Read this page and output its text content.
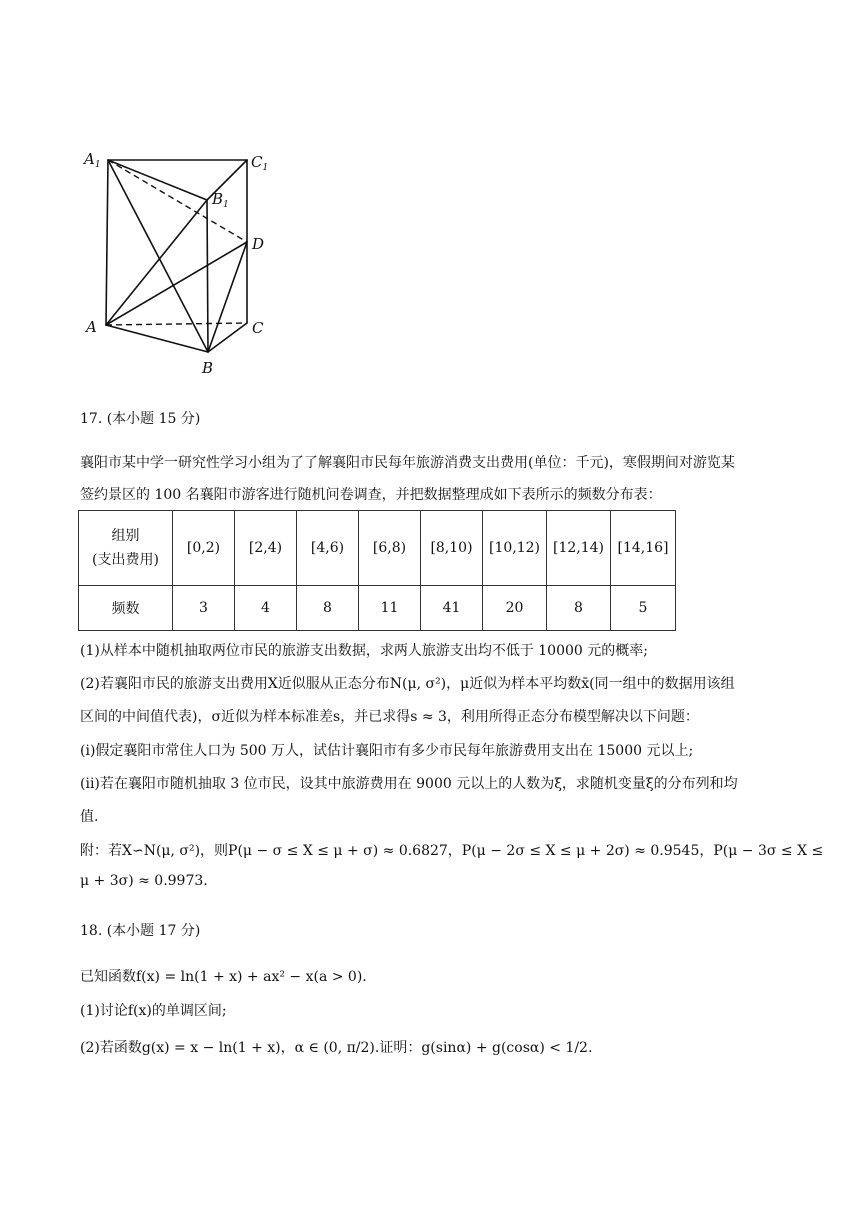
$A_1$	$C_1$
$B_1$
D
A	C
B
17. (本小题 15 分)
襄阳市某中学一研究性学习小组为了了解襄阳市民每年旅游消费支出费用(单位：千元)，寒假期间对游览某
签约景区的 100 名襄阳市游客进行随机问卷调查，并把数据整理成如下表所示的频数分布表：
组别
(支出费用)	[0,2)	[2,4)	[4,6)	[6,8)	[8,10)	[10,12)	[12,14)	[14,16]
频数	3	4	8	11	41	20	8	5
(1)从样本中随机抽取两位市民的旅游支出数据，求两人旅游支出均不低于 10000 元的概率;
(2)若襄阳市民的旅游支出费用X近似服从正态分布N(μ, σ²)，μ近似为样本平均数x̄(同一组中的数据用该组
区间的中间值代表)，σ近似为样本标准差s，并已求得s ≈ 3，利用所得正态分布模型解决以下问题：
(i)假定襄阳市常住人口为 500 万人，试估计襄阳市有多少市民每年旅游费用支出在 15000 元以上;
(ii)若在襄阳市随机抽取 3 位市民，设其中旅游费用在 9000 元以上的人数为ξ，求随机变量ξ的分布列和均
值.
附：若X∽N(μ, σ²)，则P(μ − σ ≤ X ≤ μ + σ) ≈ 0.6827，P(μ − 2σ ≤ X ≤ μ + 2σ) ≈ 0.9545，P(μ − 3σ ≤ X ≤
μ + 3σ) ≈ 0.9973.
18. (本小题 17 分)
已知函数f(x) = ln(1 + x) + ax² − x(a > 0).
(1)讨论f(x)的单调区间;
(2)若函数g(x) = x − ln(1 + x)，α ∈ (0, π/2).证明：g(sinα) + g(cosα) < 1/2.
